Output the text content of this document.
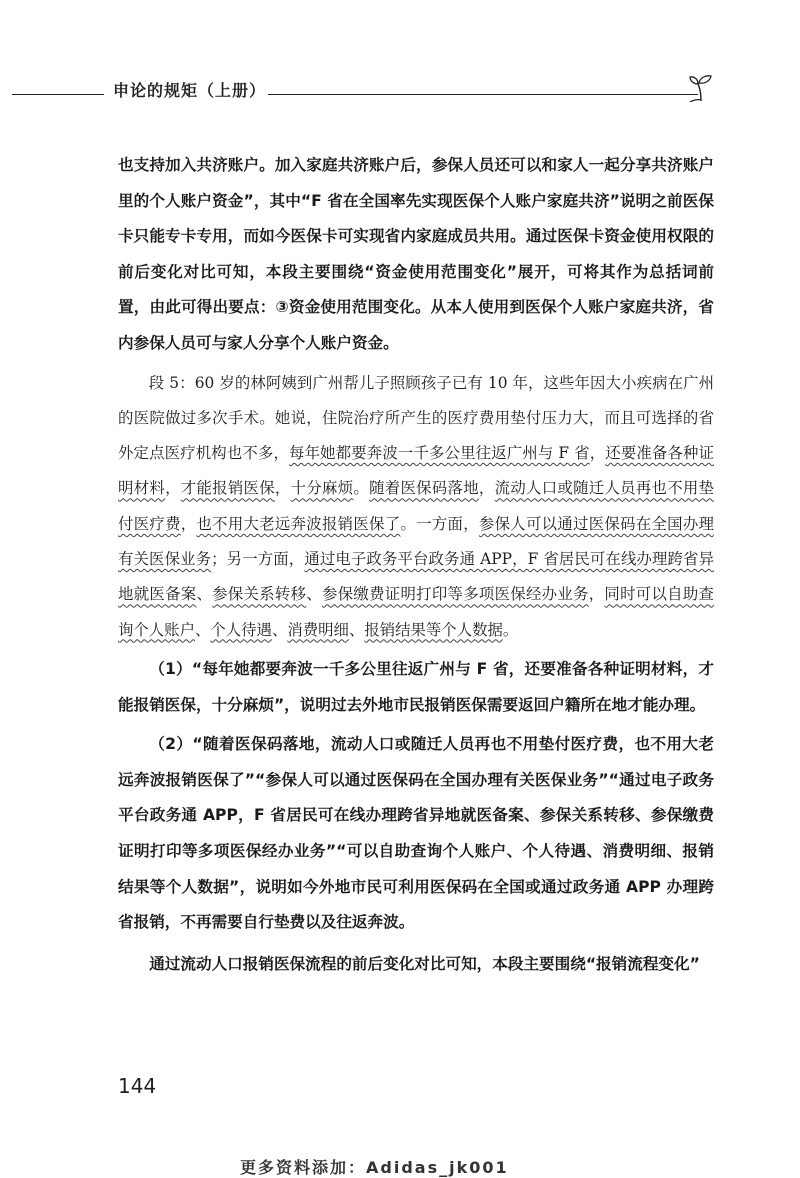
申论的规矩（上册）

也支持加入共济账户。加入家庭共济账户后，参保人员还可以和家人一起分享共济账户里的个人账户资金”，其中“F 省在全国率先实现医保个人账户家庭共济”说明之前医保卡只能专卡专用，而如今医保卡可实现省内家庭成员共用。通过医保卡资金使用权限的前后变化对比可知，本段主要围绕“资金使用范围变化”展开，可将其作为总括词前置，由此可得出要点：③资金使用范围变化。从本人使用到医保个人账户家庭共济，省内参保人员可与家人分享个人账户资金。

段 5：60 岁的林阿姨到广州帮儿子照顾孩子已有 10 年，这些年因大小疾病在广州的医院做过多次手术。她说，住院治疗所产生的医疗费用垫付压力大，而且可选择的省外定点医疗机构也不多，每年她都要奔波一千多公里往返广州与 F 省，还要准备各种证明材料，才能报销医保，十分麻烦。随着医保码落地，流动人口或随迁人员再也不用垫付医疗费，也不用大老远奔波报销医保了。一方面，参保人可以通过医保码在全国办理有关医保业务；另一方面，通过电子政务平台政务通 APP，F 省居民可在线办理跨省异地就医备案、参保关系转移、参保缴费证明打印等多项医保经办业务，同时可以自助查询个人账户、个人待遇、消费明细、报销结果等个人数据。

（1）“每年她都要奔波一千多公里往返广州与 F 省，还要准备各种证明材料，才能报销医保，十分麻烦”，说明过去外地市民报销医保需要返回户籍所在地才能办理。

（2）“随着医保码落地，流动人口或随迁人员再也不用垫付医疗费，也不用大老远奔波报销医保了”“参保人可以通过医保码在全国办理有关医保业务”“通过电子政务平台政务通 APP，F 省居民可在线办理跨省异地就医备案、参保关系转移、参保缴费证明打印等多项医保经办业务”“可以自助查询个人账户、个人待遇、消费明细、报销结果等个人数据”，说明如今外地市民可利用医保码在全国或通过政务通 APP 办理跨省报销，不再需要自行垫费以及往返奔波。

通过流动人口报销医保流程的前后变化对比可知，本段主要围绕“报销流程变化”

144
更多资料添加：Adidas_jk001
